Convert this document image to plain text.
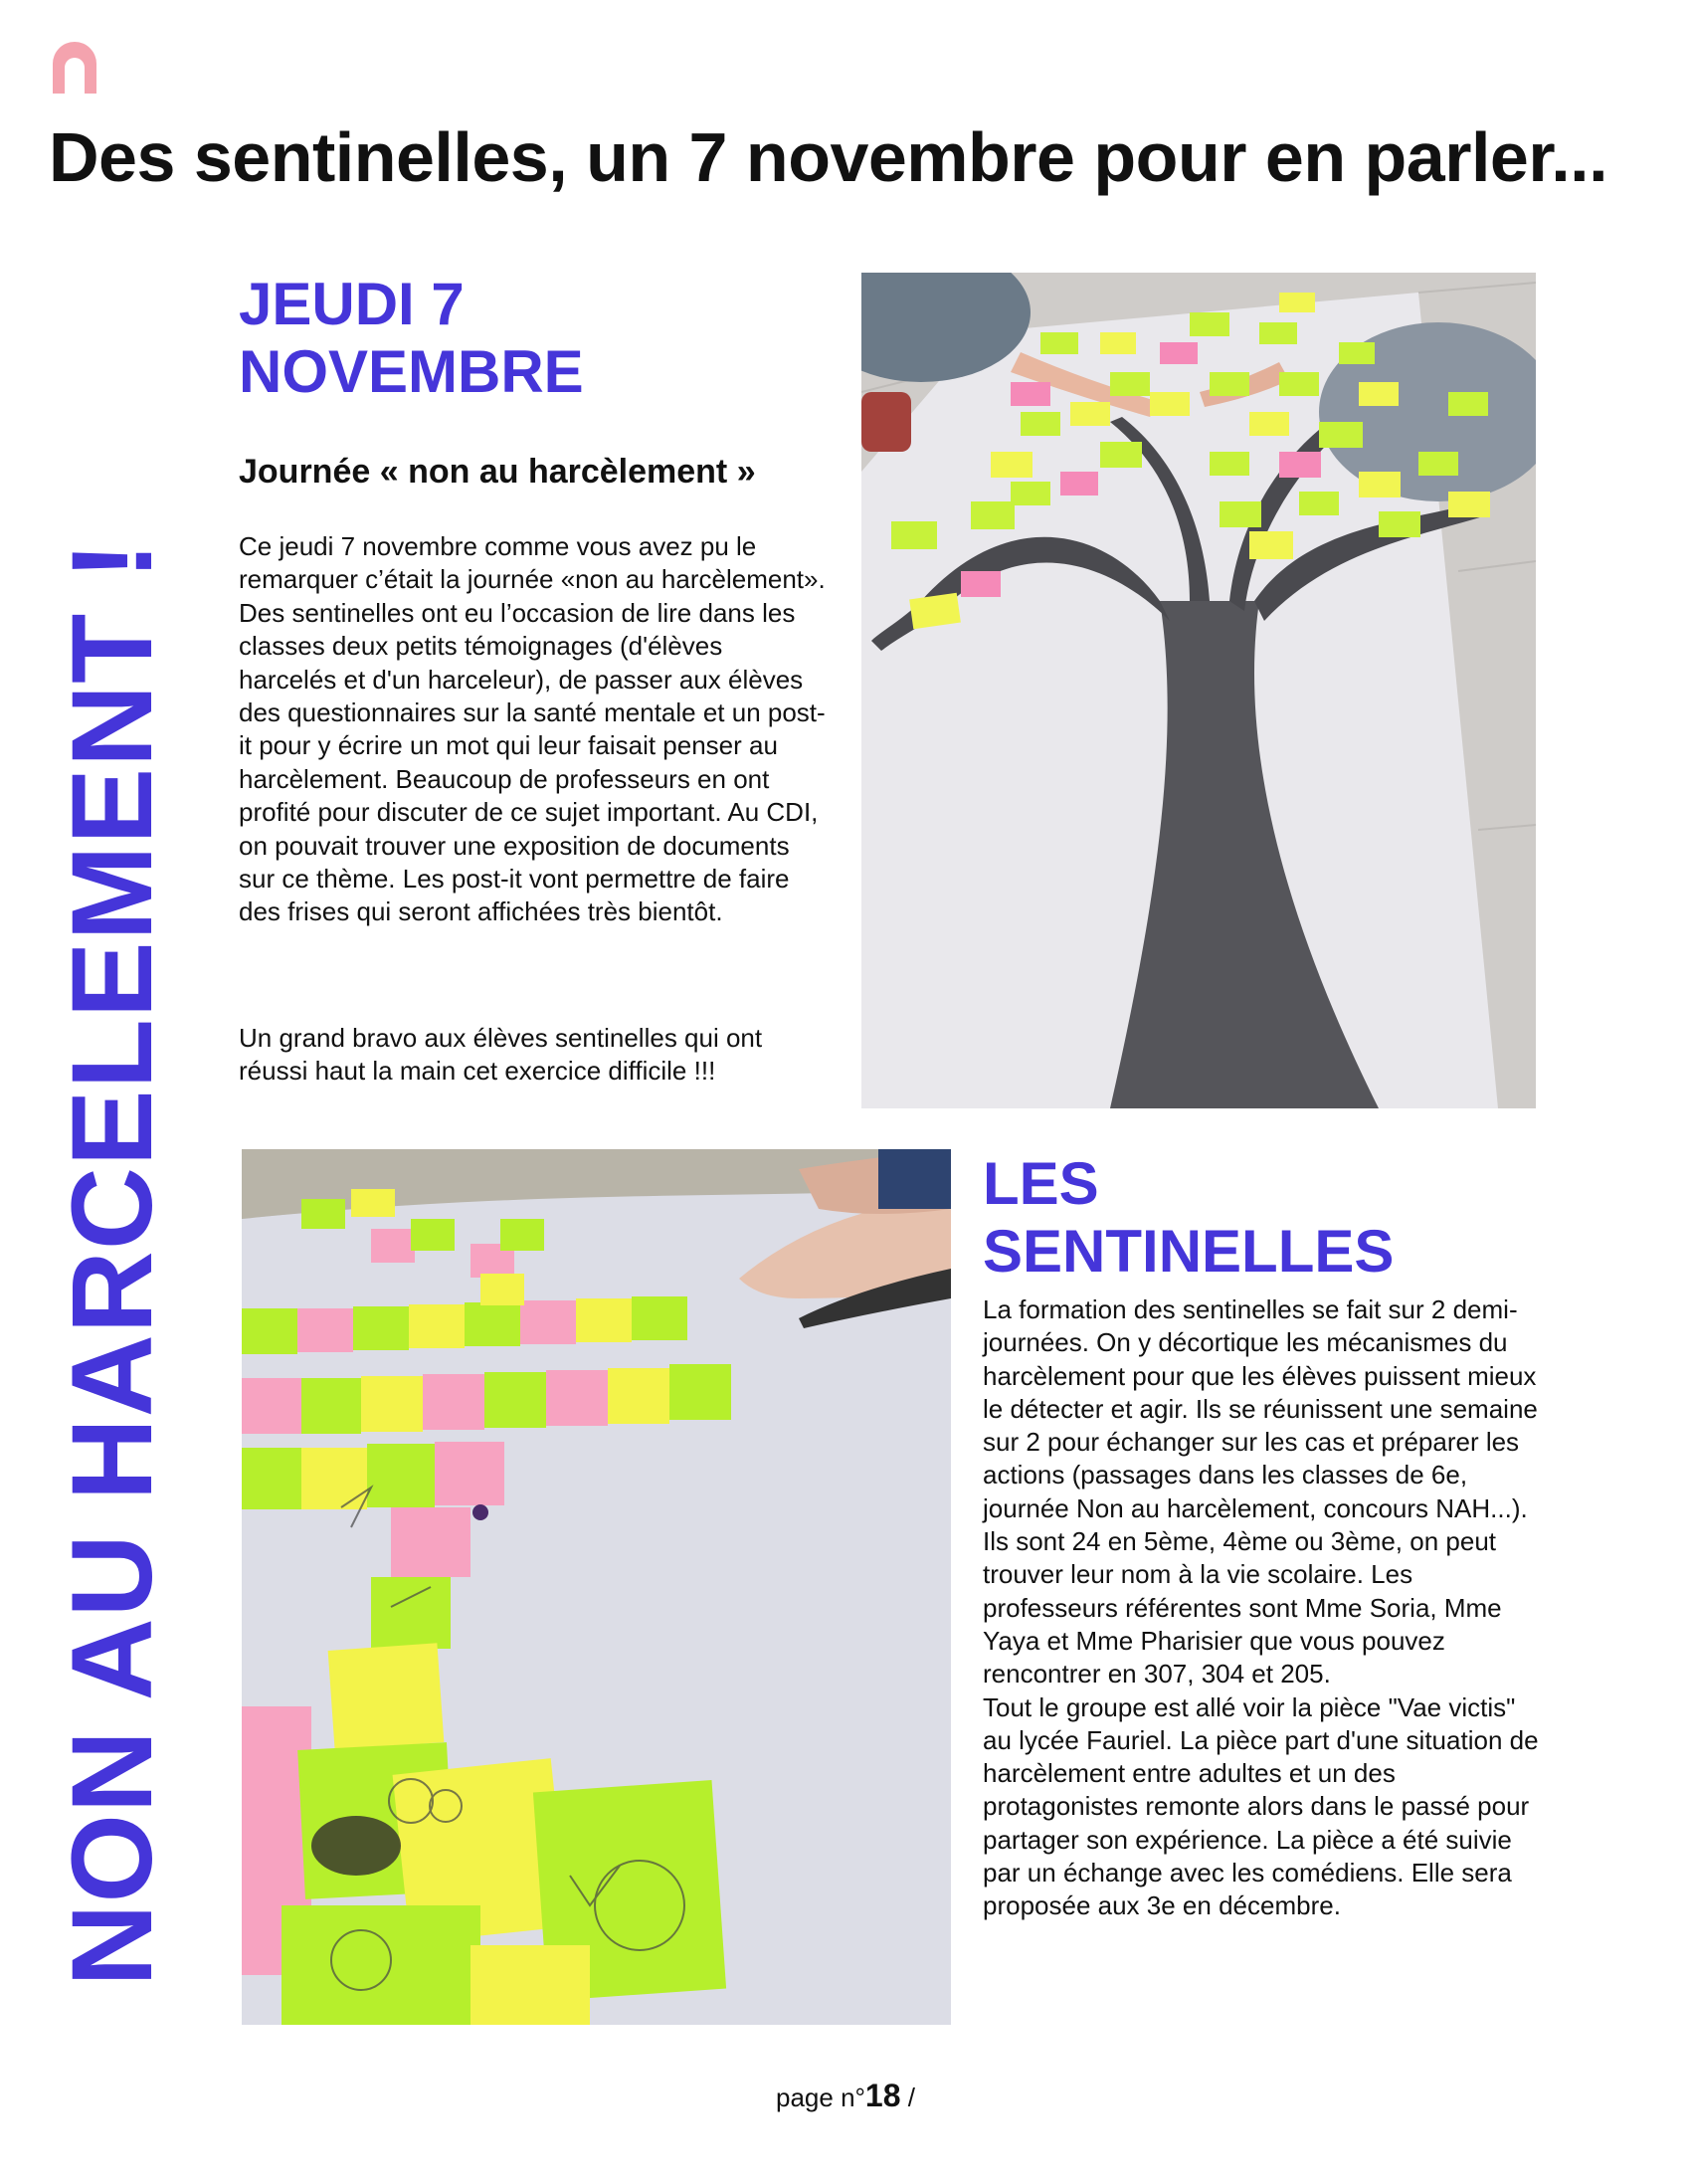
Des sentinelles, un 7 novembre pour en parler...
NON AU HARCELEMENT !
JEUDI 7
NOVEMBRE
Journée « non au harcèlement »

Ce jeudi 7 novembre comme vous avez pu le remarquer c’était la journée «non au harcèlement». Des sentinelles ont eu l’occasion de lire dans les classes deux petits témoignages (d'élèves harcelés et d'un harceleur), de passer aux élèves des questionnaires sur la santé mentale et un post-it pour y écrire un mot qui leur faisait penser au harcèlement. Beaucoup de professeurs en ont profité pour discuter de ce sujet important. Au CDI, on pouvait trouver une exposition de documents sur ce thème. Les post-it vont permettre de faire des frises qui seront affichées très bientôt.

Un grand bravo aux élèves sentinelles qui ont réussi haut la main cet exercice difficile !!!

LES
SENTINELLES

La formation des sentinelles se fait sur 2 demi-journées. On y décortique les mécanismes du harcèlement pour que les élèves puissent mieux le détecter et agir. Ils se réunissent une semaine sur 2 pour échanger sur les cas et préparer les actions (passages dans les classes de 6e, journée Non au harcèlement, concours NAH...).
Ils sont 24 en 5ème, 4ème ou 3ème, on peut trouver leur nom à la vie scolaire. Les professeurs référentes sont Mme Soria, Mme Yaya et Mme Pharisier que vous pouvez rencontrer en 307, 304 et 205.
Tout le groupe est allé voir la pièce "Vae victis" au lycée Fauriel. La pièce part d'une situation de harcèlement entre adultes et un des protagonistes remonte alors dans le passé pour partager son expérience. La pièce a été suivie par un échange avec les comédiens. Elle sera proposée aux 3e en décembre.

page n°18 /
